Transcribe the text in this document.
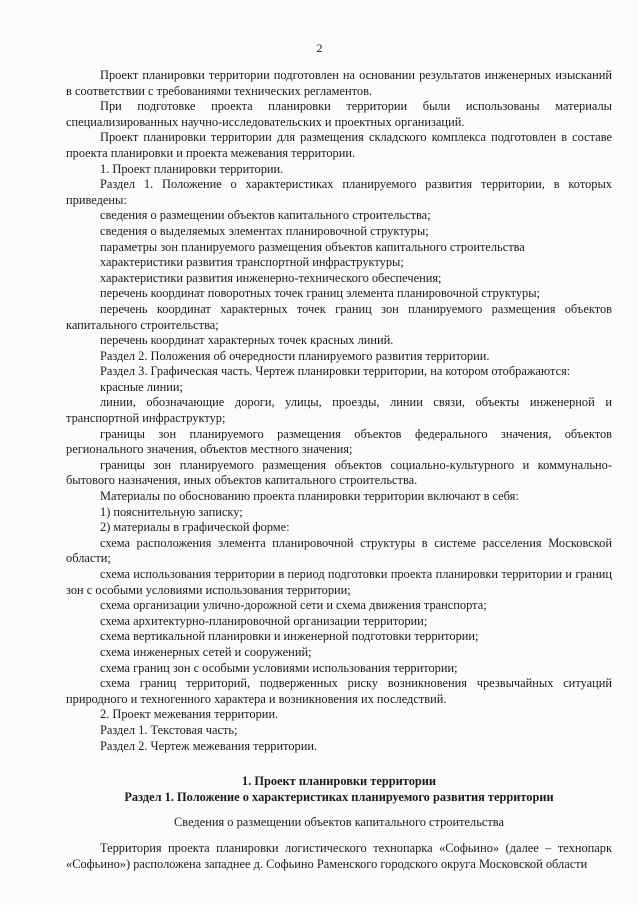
2

Проект планировки территории подготовлен на основании результатов инженерных изысканий в соответствии с требованиями технических регламентов.

При подготовке проекта планировки территории были использованы материалы специализированных научно-исследовательских и проектных организаций.

Проект планировки территории для размещения складского комплекса подготовлен в составе проекта планировки и проекта межевания территории.

1. Проект планировки территории.

Раздел 1. Положение о характеристиках планируемого развития территории, в которых приведены:

сведения о размещении объектов капитального строительства;

сведения о выделяемых элементах планировочной структуры;

параметры зон планируемого размещения объектов капитального строительства

характеристики развития транспортной инфраструктуры;

характеристики развития инженерно-технического обеспечения;

перечень координат поворотных точек границ элемента планировочной структуры;

перечень координат характерных точек границ зон планируемого размещения объектов капитального строительства;

перечень координат характерных точек красных линий.

Раздел 2. Положения об очередности планируемого развития территории.

Раздел 3. Графическая часть. Чертеж планировки территории, на котором отображаются:

красные линии;

линии, обозначающие дороги, улицы, проезды, линии связи, объекты инженерной и транспортной инфраструктур;

границы зон планируемого размещения объектов федерального значения, объектов регионального значения, объектов местного значения;

границы зон планируемого размещения объектов социально-культурного и коммунально-бытового назначения, иных объектов капитального строительства.

Материалы по обоснованию проекта планировки территории включают в себя:

1) пояснительную записку;

2) материалы в графической форме:

схема расположения элемента планировочной структуры в системе расселения Московской области;

схема использования территории в период подготовки проекта планировки территории и границ зон с особыми условиями использования территории;

схема организации улично-дорожной сети и схема движения транспорта;

схема архитектурно-планировочной организации территории;

схема вертикальной планировки и инженерной подготовки территории;

схема инженерных сетей и сооружений;

схема границ зон с особыми условиями использования территории;

схема границ территорий, подверженных риску возникновения чрезвычайных ситуаций природного и техногенного характера и возникновения их последствий.

2. Проект межевания территории.

Раздел 1. Текстовая часть;

Раздел 2. Чертеж межевания территории.

1. Проект планировки территории

Раздел 1. Положение о характеристиках планируемого развития территории

Сведения о размещении объектов капитального строительства

Территория проекта планировки логистического технопарка «Софьино» (далее – технопарк «Софьино») расположена западнее д. Софьино Раменского городского округа Московской области
